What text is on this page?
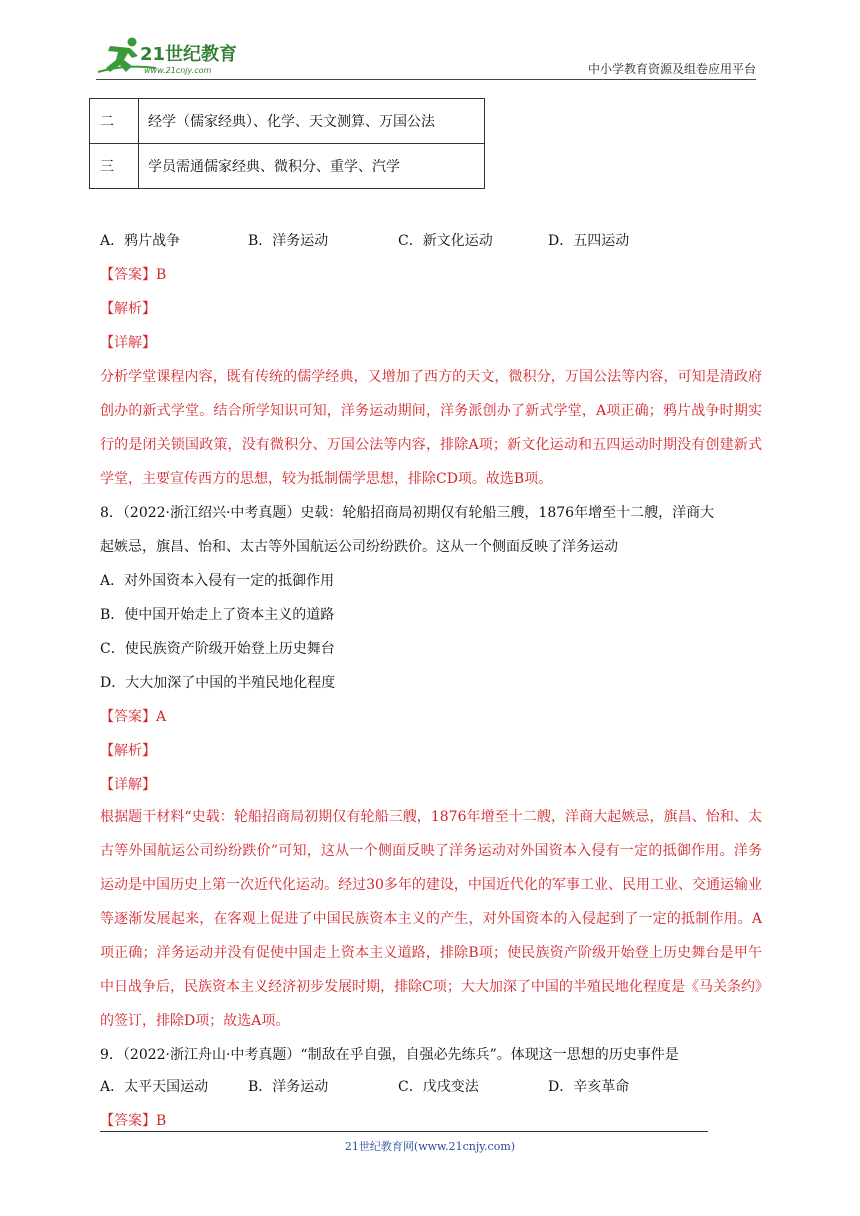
21世纪教育
www.21cnjy.com	中小学教育资源及组卷应用平台
二	经学（儒家经典）、化学、天文测算、万国公法
三	学员需通儒家经典、微积分、重学、汽学
A．鸦片战争	B．洋务运动	C．新文化运动	D．五四运动
【答案】B
【解析】
【详解】
分析学堂课程内容，既有传统的儒学经典，又增加了西方的天文，微积分，万国公法等内容，可知是清政府创办的新式学堂。结合所学知识可知，洋务运动期间，洋务派创办了新式学堂，A项正确；鸦片战争时期实行的是闭关锁国政策，没有微积分、万国公法等内容，排除A项；新文化运动和五四运动时期没有创建新式学堂，主要宣传西方的思想，较为抵制儒学思想，排除CD项。故选B项。
8．（2022·浙江绍兴·中考真题）史载：轮船招商局初期仅有轮船三艘，1876年增至十二艘，洋商大
起嫉忌，旗昌、怡和、太古等外国航运公司纷纷跌价。这从一个侧面反映了洋务运动
A．对外国资本入侵有一定的抵御作用
B．使中国开始走上了资本主义的道路
C．使民族资产阶级开始登上历史舞台
D．大大加深了中国的半殖民地化程度
【答案】A
【解析】
【详解】
根据题干材料“史载：轮船招商局初期仅有轮船三艘，1876年增至十二艘，洋商大起嫉忌，旗昌、怡和、太古等外国航运公司纷纷跌价”可知，这从一个侧面反映了洋务运动对外国资本入侵有一定的抵御作用。洋务运动是中国历史上第一次近代化运动。经过30多年的建设，中国近代化的军事工业、民用工业、交通运输业等逐渐发展起来，在客观上促进了中国民族资本主义的产生，对外国资本的入侵起到了一定的抵制作用。A项正确；洋务运动并没有促使中国走上资本主义道路，排除B项；使民族资产阶级开始登上历史舞台是甲午中日战争后，民族资本主义经济初步发展时期，排除C项；大大加深了中国的半殖民地化程度是《马关条约》的签订，排除D项；故选A项。
9．（2022·浙江舟山·中考真题）“制敌在乎自强，自强必先练兵”。体现这一思想的历史事件是
A．太平天国运动	B．洋务运动	C．戊戌变法	D．辛亥革命
【答案】B
21世纪教育网(www.21cnjy.com)
